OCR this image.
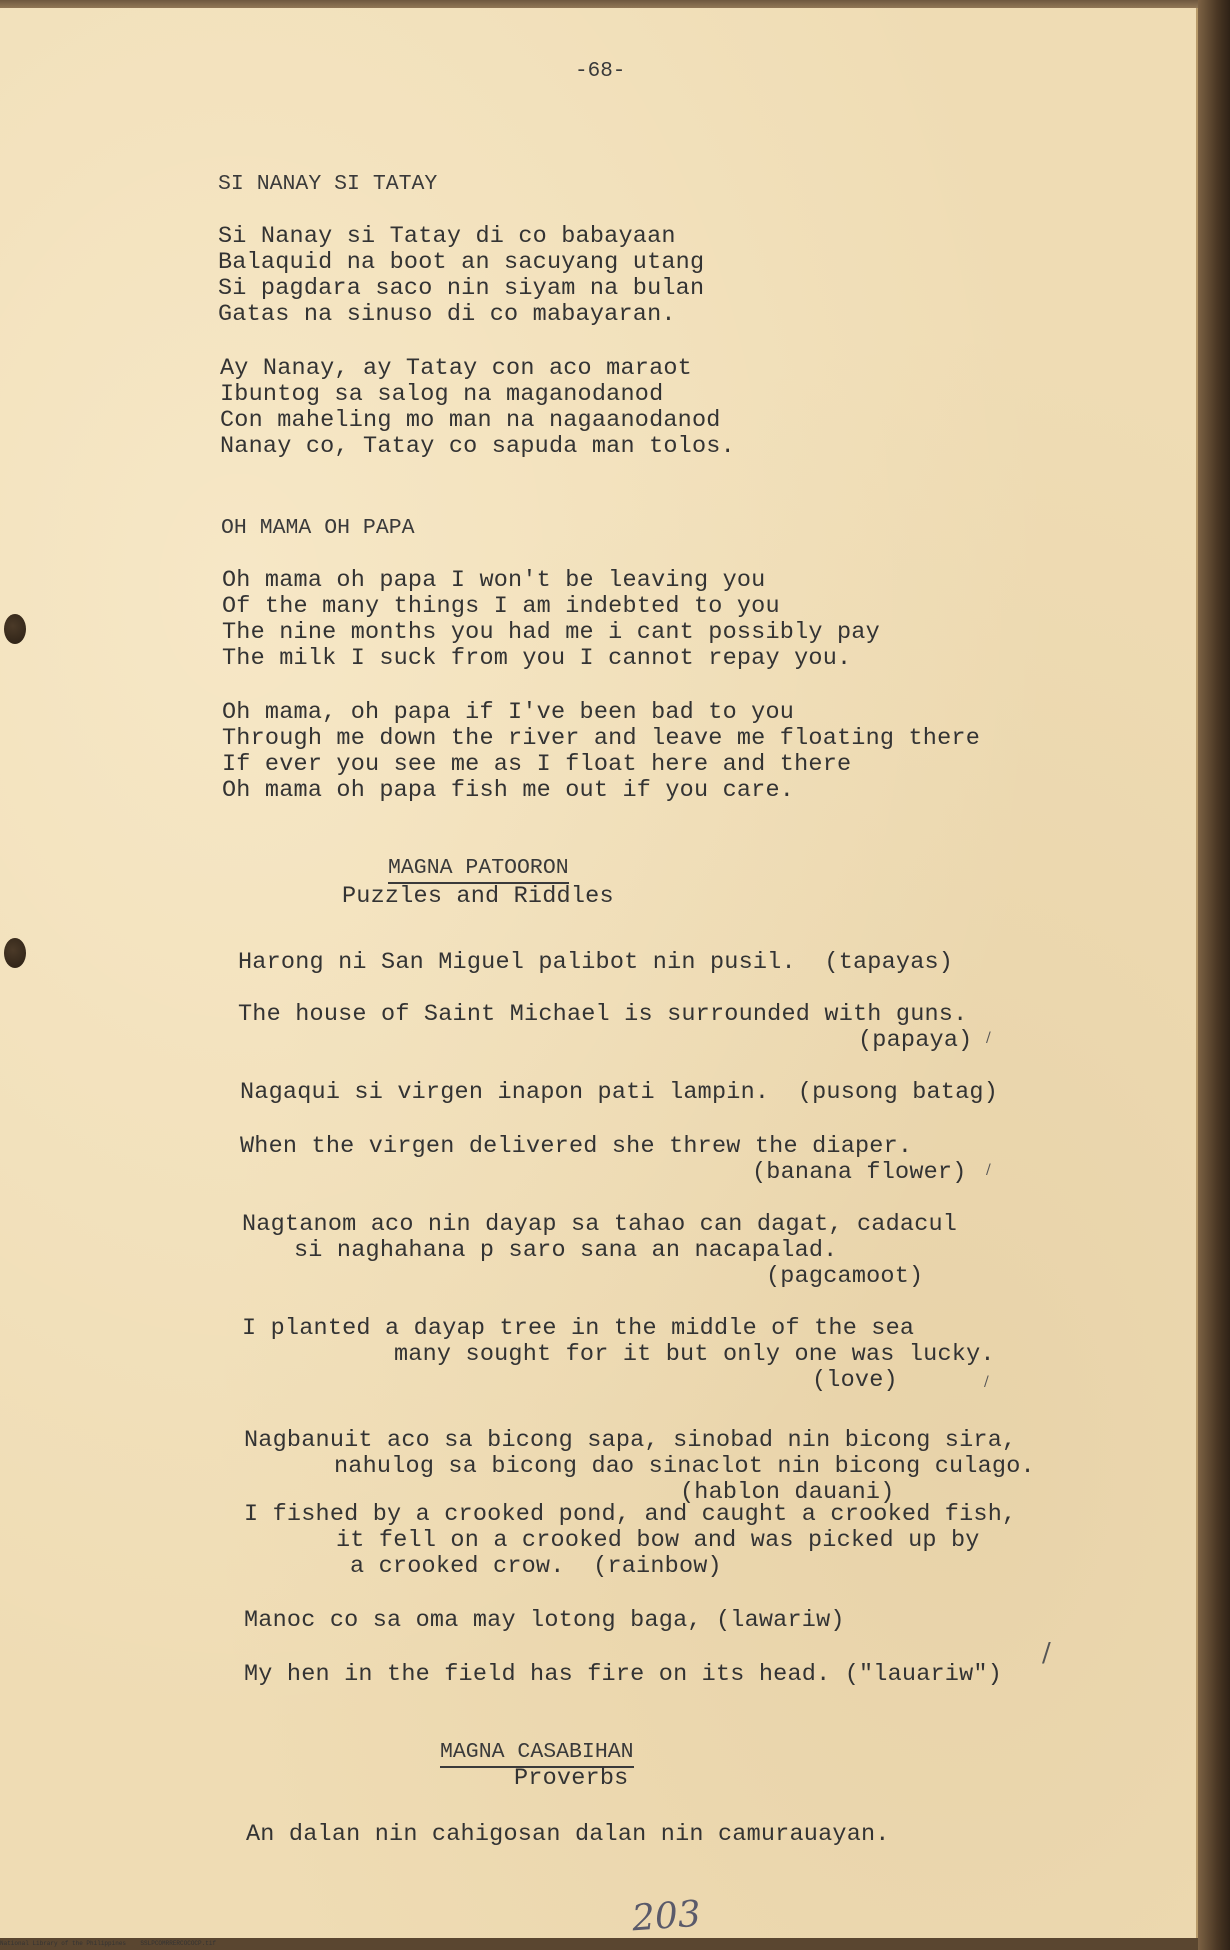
-68-
SI NANAY SI TATAY
Si Nanay si Tatay di co babayaan
Balaquid na boot an sacuyang utang
Si pagdara saco nin siyam na bulan
Gatas na sinuso di co mabayaran.
Ay Nanay, ay Tatay con aco maraot
Ibuntog sa salog na maganodanod
Con maheling mo man na nagaanodanod
Nanay co, Tatay co sapuda man tolos.
OH MAMA OH PAPA
Oh mama oh papa I won't be leaving you
Of the many things I am indebted to you
The nine months you had me i cant possibly pay
The milk I suck from you I cannot repay you.
Oh mama, oh papa if I've been bad to you
Through me down the river and leave me floating there
If ever you see me as I float here and there
Oh mama oh papa fish me out if you care.
MAGNA PATOORON
Puzzles and Riddles
Harong ni San Miguel palibot nin pusil.  (tapayas)
The house of Saint Michael is surrounded with guns.
(papaya)
Nagaqui si virgen inapon pati lampin.  (pusong batag)
When the virgen delivered she threw the diaper.
(banana flower)
Nagtanom aco nin dayap sa tahao can dagat, cadacul
si naghahana p saro sana an nacapalad.
(pagcamoot)
I planted a dayap tree in the middle of the sea
many sought for it but only one was lucky.
(love)
Nagbanuit aco sa bicong sapa, sinobad nin bicong sira,
nahulog sa bicong dao sinaclot nin bicong culago.
(hablon dauani)
I fished by a crooked pond, and caught a crooked fish,
it fell on a crooked bow and was picked up by
a crooked crow.  (rainbow)
Manoc co sa oma may lotong baga, (lawariw)
My hen in the field has fire on its head. ("lauariw")
MAGNA CASABIHAN
Proverbs
An dalan nin cahigosan dalan nin camurauayan.
/
/
/
/
203
National Library of the Philippines    SSLPCOMRRERCOCOCP.tif
